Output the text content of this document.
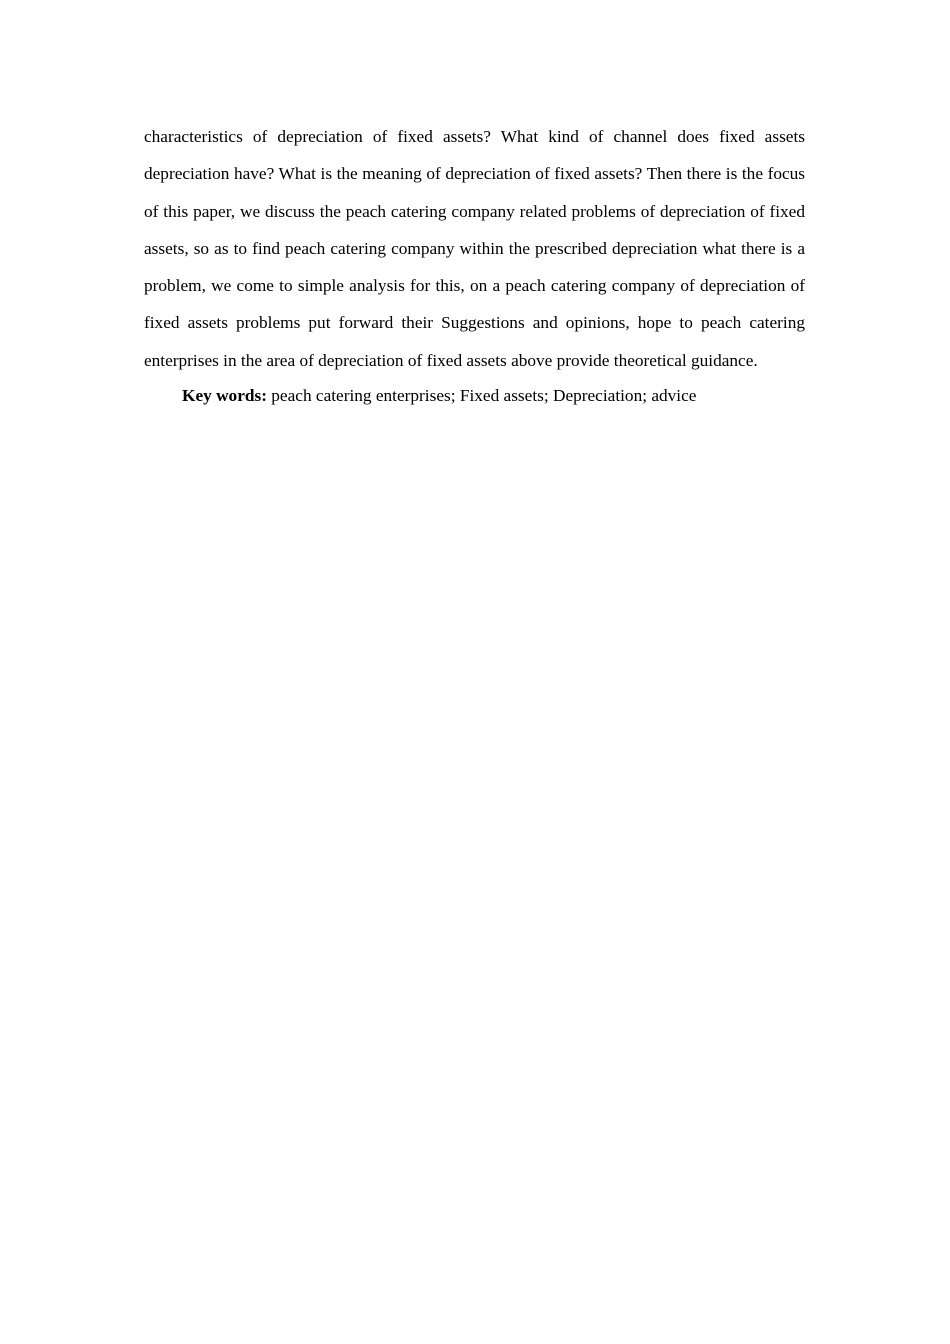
characteristics of depreciation of fixed assets? What kind of channel does fixed assets depreciation have? What is the meaning of depreciation of fixed assets? Then there is the focus of this paper, we discuss the peach catering company related problems of depreciation of fixed assets, so as to find peach catering company within the prescribed depreciation what there is a problem, we come to simple analysis for this, on a peach catering company of depreciation of fixed assets problems put forward their Suggestions and opinions, hope to peach catering enterprises in the area of depreciation of fixed assets above provide theoretical guidance.

Key words: peach catering enterprises; Fixed assets; Depreciation; advice
